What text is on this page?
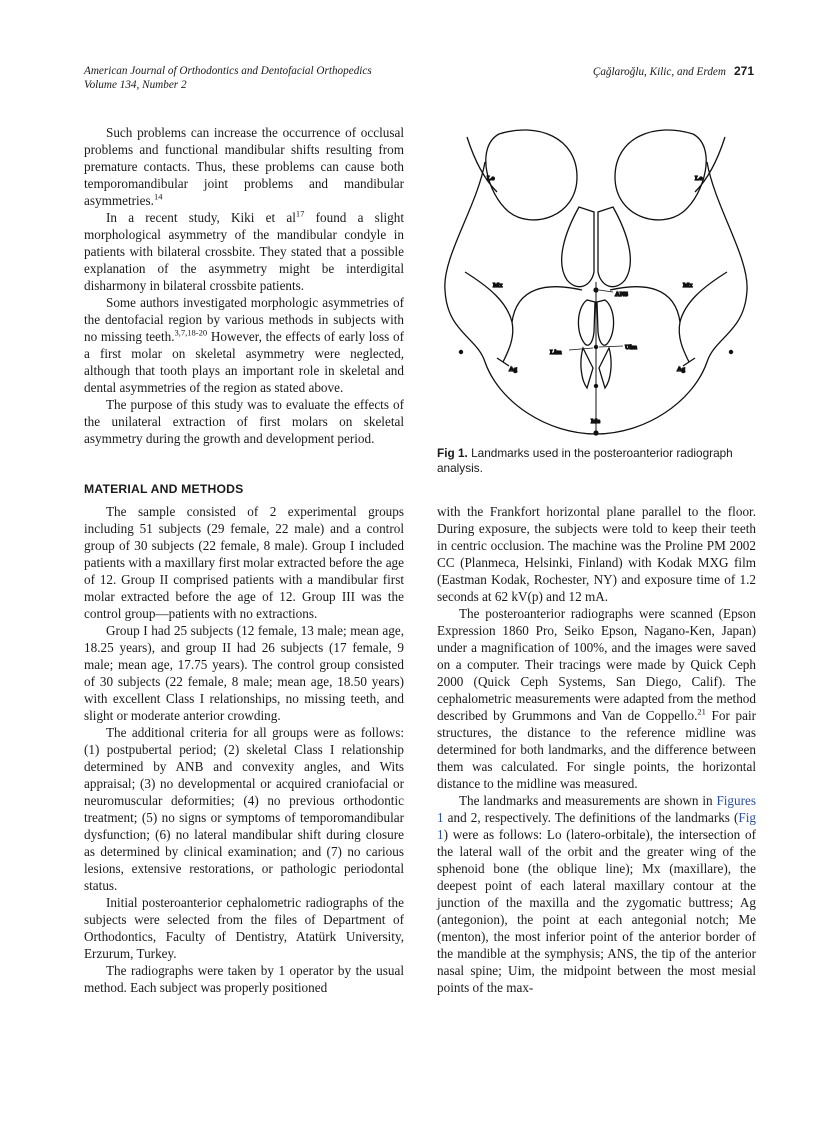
American Journal of Orthodontics and Dentofacial Orthopedics
Volume 134, Number 2
Çağlaroğlu, Kilic, and Erdem 271

Such problems can increase the occurrence of occlusal problems and functional mandibular shifts resulting from premature contacts. Thus, these problems can cause both temporomandibular joint problems and mandibular asymmetries.$^{14}$

In a recent study, Kiki et $al^{17}$ found a slight morphological asymmetry of the mandibular condyle in patients with bilateral crossbite. They stated that a possible explanation of the asymmetry might be interdigital disharmony in bilateral crossbite patients.

Some authors investigated morphologic asymmetries of the dentofacial region by various methods in subjects with no missing teeth.$^{3,7,18-20}$ However, the effects of early loss of a first molar on skeletal asymmetry were neglected, although that tooth plays an important role in skeletal and dental asymmetries of the region as stated above.

The purpose of this study was to evaluate the effects of the unilateral extraction of first molars on skeletal asymmetry during the growth and development period.

MATERIAL AND METHODS

The sample consisted of 2 experimental groups including 51 subjects (29 female, 22 male) and a control group of 30 subjects (22 female, 8 male). Group I included patients with a maxillary first molar extracted before the age of 12. Group II comprised patients with a mandibular first molar extracted before the age of 12. Group III was the control group—patients with no extractions.

Group I had 25 subjects (12 female, 13 male; mean age, 18.25 years), and group II had 26 subjects (17 female, 9 male; mean age, 17.75 years). The control group consisted of 30 subjects (22 female, 8 male; mean age, 18.50 years) with excellent Class I relationships, no missing teeth, and slight or moderate anterior crowding.

The additional criteria for all groups were as follows: (1) postpubertal period; (2) skeletal Class I relationship determined by ANB and convexity angles, and Wits appraisal; (3) no developmental or acquired craniofacial or neuromuscular deformities; (4) no previous orthodontic treatment; (5) no signs or symptoms of temporomandibular dysfunction; (6) no lateral mandibular shift during closure as determined by clinical examination; and (7) no carious lesions, extensive restorations, or pathologic periodontal status.

Initial posteroanterior cephalometric radiographs of the subjects were selected from the files of Department of Orthodontics, Faculty of Dentistry, Atatürk University, Erzurum, Turkey.

The radiographs were taken by 1 operator by the usual method. Each subject was properly positioned

Lo	Lo
Mx	Mx
ANS
Lim
Uim
Ag	Ag
Me
Fig 1. Landmarks used in the posteroanterior radiograph analysis.

with the Frankfort horizontal plane parallel to the floor. During exposure, the subjects were told to keep their teeth in centric occlusion. The machine was the Proline PM 2002 CC (Planmeca, Helsinki, Finland) with Kodak MXG film (Eastman Kodak, Rochester, NY) and exposure time of 1.2 seconds at 62 kV(p) and 12 mA.

The posteroanterior radiographs were scanned (Epson Expression 1860 Pro, Seiko Epson, Nagano-Ken, Japan) under a magnification of 100%, and the images were saved on a computer. Their tracings were made by Quick Ceph 2000 (Quick Ceph Systems, San Diego, Calif). The cephalometric measurements were adapted from the method described by Grummons and Van de Coppello.$^{21}$ For pair structures, the distance to the reference midline was determined for both landmarks, and the difference between them was calculated. For single points, the horizontal distance to the midline was measured.

The landmarks and measurements are shown in Figures 1 and 2, respectively. The definitions of the landmarks (Fig 1) were as follows: Lo (latero-orbitale), the intersection of the lateral wall of the orbit and the greater wing of the sphenoid bone (the oblique line); Mx (maxillare), the deepest point of each lateral maxillary contour at the junction of the maxilla and the zygomatic buttress; Ag (antegonion), the point at each antegonial notch; Me (menton), the most inferior point of the anterior border of the mandible at the symphysis; ANS, the tip of the anterior nasal spine; Uim, the midpoint between the most mesial points of the max-
